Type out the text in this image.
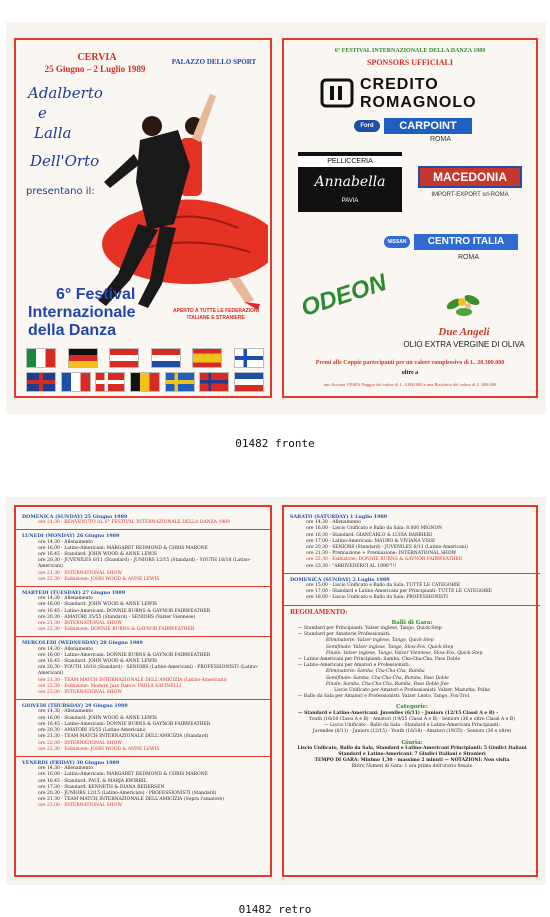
CERVIA
25 Giugno – 2 Luglio 1989
PALAZZO DELLO SPORT
Adalberto
e
Lalla
Dell'Orto
presentano il:
6° Festival
Internazionale
della Danza
APERTO A TUTTE LE FEDERAZIONI ITALIANE E STRANIERE
6° FESTIVAL INTERNAZIONALE DELLA DANZA 1989
SPONSORS UFFICIALI
CREDITO
ROMAGNOLO
Ford	CARPOINT
ROMA
PELLICCERIA
Annabella
PAVIA
MACEDONIA
IMPORT-EXPORT srl-ROMA
NISSAN	CENTRO ITALIA
ROMA
ODEON
Due Angeli
OLIO EXTRA VERGINE DI OLIVA
Premi alle Coppie partecipanti per un valore complessivo di L. 20.300.000
oltre a
uno Scooter VESPA Piaggio del valore di L. 4.000.000 e una Bicicletta del valore di L. 800.000
01482 fronte
DOMENICA (SUNDAY) 25 Giugno 1989
ore 21,30 - BENVENUTO AL 6° FESTIVAL INTERNAZIONALE DELLA DANZA 1989
LUNEDI (MONDAY) 26 Giugno 1989
ore 14,30 - Allenamento
ore 16,00 - Latino-Americani: MARGARET REDMOND & CHRIS MARONE
ore 16,45 - Standard: JOHN WOOD & ANNE LEWIS
ore 20,30 - JUVENILES 6/11 (Standard) - JUNIORS 12/15 (Standard) - YOUTH 16/18 (Latino-Americani)
ore 21,30 - INTERNATIONAL SHOW
ore 22,30 - Esibizione: JOHN WOOD & ANNE LEWIS
MARTEDI (TUESDAY) 27 Giugno 1989
ore 14,30 - Allenamento
ore 16,00 - Standard: JOHN WOOD & ANNE LEWIS
ore 16,45 - Latino-Americani: DONNIE BURNS & GAYNOR FAIRWEATHER
ore 20,30 - AMATORI 35/55 (Standard) - SENIORS (Valzer Viennese)
ore 21,30 - INTERNATIONAL SHOW
ore 22,30 - Esibizione: DONNIE BURNS & GAYNOR FAIRWEATHER
MERCOLEDI (WEDNESDAY) 28 Giugno 1989
ore 14,30 - Allenamento
ore 16,00 - Latino-Americani: DONNIE BURNS & GAYNOR FAIRWEATHER
ore 16,45 - Standard: JOHN WOOD & ANNE LEWIS
ore 20,30 - YOUTH 16/18 (Standard) - SENIORS (Latino-Americani) - PROFESSIONISTI (Latino-Americani)
ore 21,30 - TEAM MATCH INTERNAZIONALE DELL'AMICIZIA (Latino-Americani)
ore 22,30 - Esibizione: Modern Jazz Dance: PAOLA SAVINELLI
ore 23,00 - INTERNATIONAL SHOW
GIOVEDI (THURSDAY) 29 Giugno 1989
ore 14,30 - Allenamento
ore 16,00 - Standard: JOHN WOOD & ANNE LEWIS
ore 16,45 - Latino-Americani: DONNIE BURNS & GAYNOR FAIRWEATHER
ore 20,30 - AMATORI 35/55 (Latino-Americani)
ore 21,30 - TEAM MATCH INTERNAZIONALE DELL'AMICIZIA (Standard)
ore 22,00 - INTERNATIONAL SHOW
ore 22,30 - Esibizione: JOHN WOOD & ANNE LEWIS
VENERDI (FRIDAY) 30 Giugno 1989
ore 14,30 - Allenamento
ore 16,00 - Latino-Americani: MARGARET REDMOND & CHRIS MARONE
ore 16,45 - Standard: PAUL & MARJA KWIRRIL
ore 17,30 - Standard: KENNETH & DIANA REDERSEN
ore 20,30 - JUNIORS 12/15 (Latino-Americani) - PROFESSIONISTI (Standard)
ore 21,30 - TEAM MATCH INTERNAZIONALE DELL'AMICIZIA (Sopra l'amatore)
ore 23,00 - INTERNATIONAL SHOW
SABATO (SATURDAY) 1 Luglio 1989
ore 14,30 - Allenamento
ore 16,00 - Liscio Unificato e Ballo da Sala: 8.000 MIGNON
ore 16,30 - Standard: GIANCARLO & LUISA BARBIERI
ore 17,00 - Latino-Americani: MAURO & VIVIANA VISSI
ore 20,30 - SENIORS (Standard) - JUVENILES 6/11 (Latino-Americani)
ore 21,30 - Premiazione + Premiazione: INTERNATIONAL SHOW
ore 22,30 - Esibizione: DONNIE BURNS & GAYNOR FAIRWEATHER
ore 23,30 - "ARRIVEDERCI AL 1990"!!!
DOMENICA (SUNDAY) 2 Luglio 1989
ore 15,00 - Liscio Unificato e Ballo da Sala: TUTTE LE CATEGORIE
ore 17,00 - Standard e Latino-Americani per Principianti: TUTTE LE CATEGORIE
ore 18,00 - Liscio Unificato e Ballo da Sala: PROFESSIONISTI
REGOLAMENTO:
Balli di Gara:
— Standard per Principianti: Valzer inglese, Tango, Quick-Step
— Standard per Amatorie Professionisti:
Eliminatorie: Valzer inglese, Tango, Quick-Step
Semifinale: Valzer inglese, Tango, Slow-Fox, Quick-Step
Finale: Valzer inglese, Tango, Valzer Viennese, Slow-Fox, Quick-Step
— Latino-Americani per Principianti: Samba, Cha-Cha-Cha, Paso Doble
— Latino-Americani per Amatori e Professionisti:
Eliminatorie: Samba, Cha-Cha-Cha, Rumba
Semifinale: Samba, Cha-Cha-Cha, Rumba, Paso Doble
Finale: Samba, Cha-Cha-Cha, Rumba, Paso Doble Jive
Liscio Unificato per Amatori e Professionisti: Valzer, Mazurka, Polka
— Ballo da Sala per Amatori e Professionisti: Valzer Lento, Tango, Fox-Trot
Categorie:
— Standard e Latino-Americani: Juveniles (6/11) - Juniors (12/15 Classi A e B) -
Youth (16/18 Classi A e B) - Amatori (19/35 Classi A e B) - Seniors (36 e oltre Classi A e B)
— Liscio Unificato - Ballo da Sala - Standard e Latino-Americani Principianti:
Juveniles (6/11) - Juniors (12/15) - Youth (16/18) - Amatori (19/35) - Seniors (36 e oltre)
Giuria:
Liscio Unificato, Ballo da Sala, Standard e Latino-Americani Principianti: 5 Giudici Italiani
Standard e Latino-Americani: 7 Giudici Italiani e Stranieri
TEMPO DI GARA: Minimo 1,30 - massimo 2 minuti — NOTAZIONI: Non visita
Ritiro Numeri di Gara: 1 ora prima dell'orario fissato
01482 retro
